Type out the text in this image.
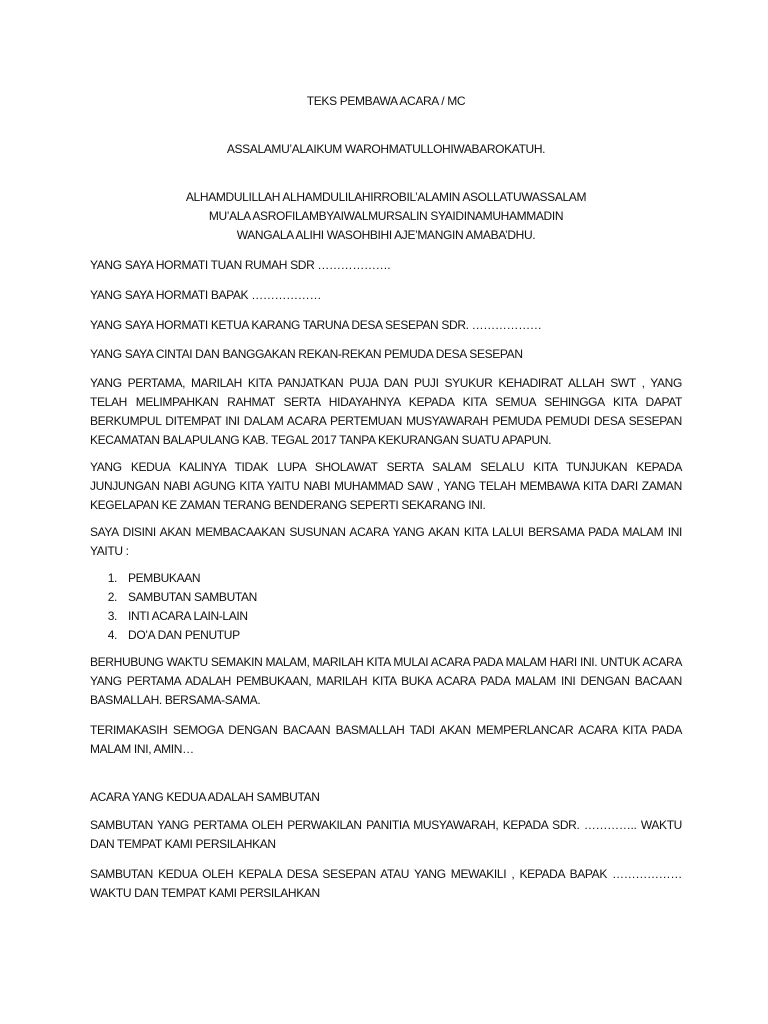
TEKS PEMBAWA ACARA / MC
ASSALAMU’ALAIKUM WAROHMATULLOHIWABAROKATUH.
ALHAMDULILLAH ALHAMDULILAHIRROBIL’ALAMIN ASOLLATUWASSALAM
MU’ALA ASROFILAMBYAIWALMURSALIN SYAIDINAMUHAMMADIN
WANGALA ALIHI WASOHBIHI AJE’MANGIN AMABA’DHU.
YANG SAYA HORMATI TUAN RUMAH SDR ……………….
YANG SAYA HORMATI BAPAK ………………
YANG SAYA HORMATI KETUA KARANG TARUNA DESA SESEPAN SDR. ………………
YANG SAYA CINTAI DAN BANGGAKAN REKAN-REKAN PEMUDA DESA SESEPAN
YANG PERTAMA, MARILAH KITA PANJATKAN PUJA DAN PUJI SYUKUR KEHADIRAT ALLAH SWT , YANG TELAH MELIMPAHKAN RAHMAT SERTA HIDAYAHNYA KEPADA KITA SEMUA SEHINGGA KITA DAPAT BERKUMPUL DITEMPAT INI DALAM ACARA PERTEMUAN MUSYAWARAH PEMUDA PEMUDI DESA SESEPAN KECAMATAN BALAPULANG KAB. TEGAL 2017 TANPA KEKURANGAN SUATU APAPUN.
YANG KEDUA KALINYA TIDAK LUPA SHOLAWAT SERTA SALAM SELALU KITA TUNJUKAN KEPADA JUNJUNGAN NABI AGUNG KITA YAITU NABI MUHAMMAD SAW , YANG TELAH MEMBAWA KITA DARI ZAMAN KEGELAPAN KE ZAMAN TERANG BENDERANG SEPERTI SEKARANG INI.
SAYA DISINI AKAN MEMBACAAKAN SUSUNAN ACARA YANG AKAN KITA LALUI BERSAMA PADA MALAM INI YAITU :
1. PEMBUKAAN
2. SAMBUTAN SAMBUTAN
3. INTI ACARA LAIN-LAIN
4. DO’A DAN PENUTUP
BERHUBUNG WAKTU SEMAKIN MALAM, MARILAH KITA MULAI ACARA PADA MALAM HARI INI. UNTUK ACARA YANG PERTAMA ADALAH PEMBUKAAN, MARILAH KITA BUKA ACARA PADA MALAM INI DENGAN BACAAN BASMALLAH. BERSAMA-SAMA.
TERIMAKASIH SEMOGA DENGAN BACAAN BASMALLAH TADI AKAN MEMPERLANCAR ACARA KITA PADA MALAM INI, AMIN…
ACARA YANG KEDUA ADALAH SAMBUTAN
SAMBUTAN YANG PERTAMA OLEH PERWAKILAN PANITIA MUSYAWARAH, KEPADA SDR. ………….. WAKTU DAN TEMPAT KAMI PERSILAHKAN
SAMBUTAN KEDUA OLEH KEPALA DESA SESEPAN ATAU YANG MEWAKILI , KEPADA BAPAK ……………… WAKTU DAN TEMPAT KAMI PERSILAHKAN
